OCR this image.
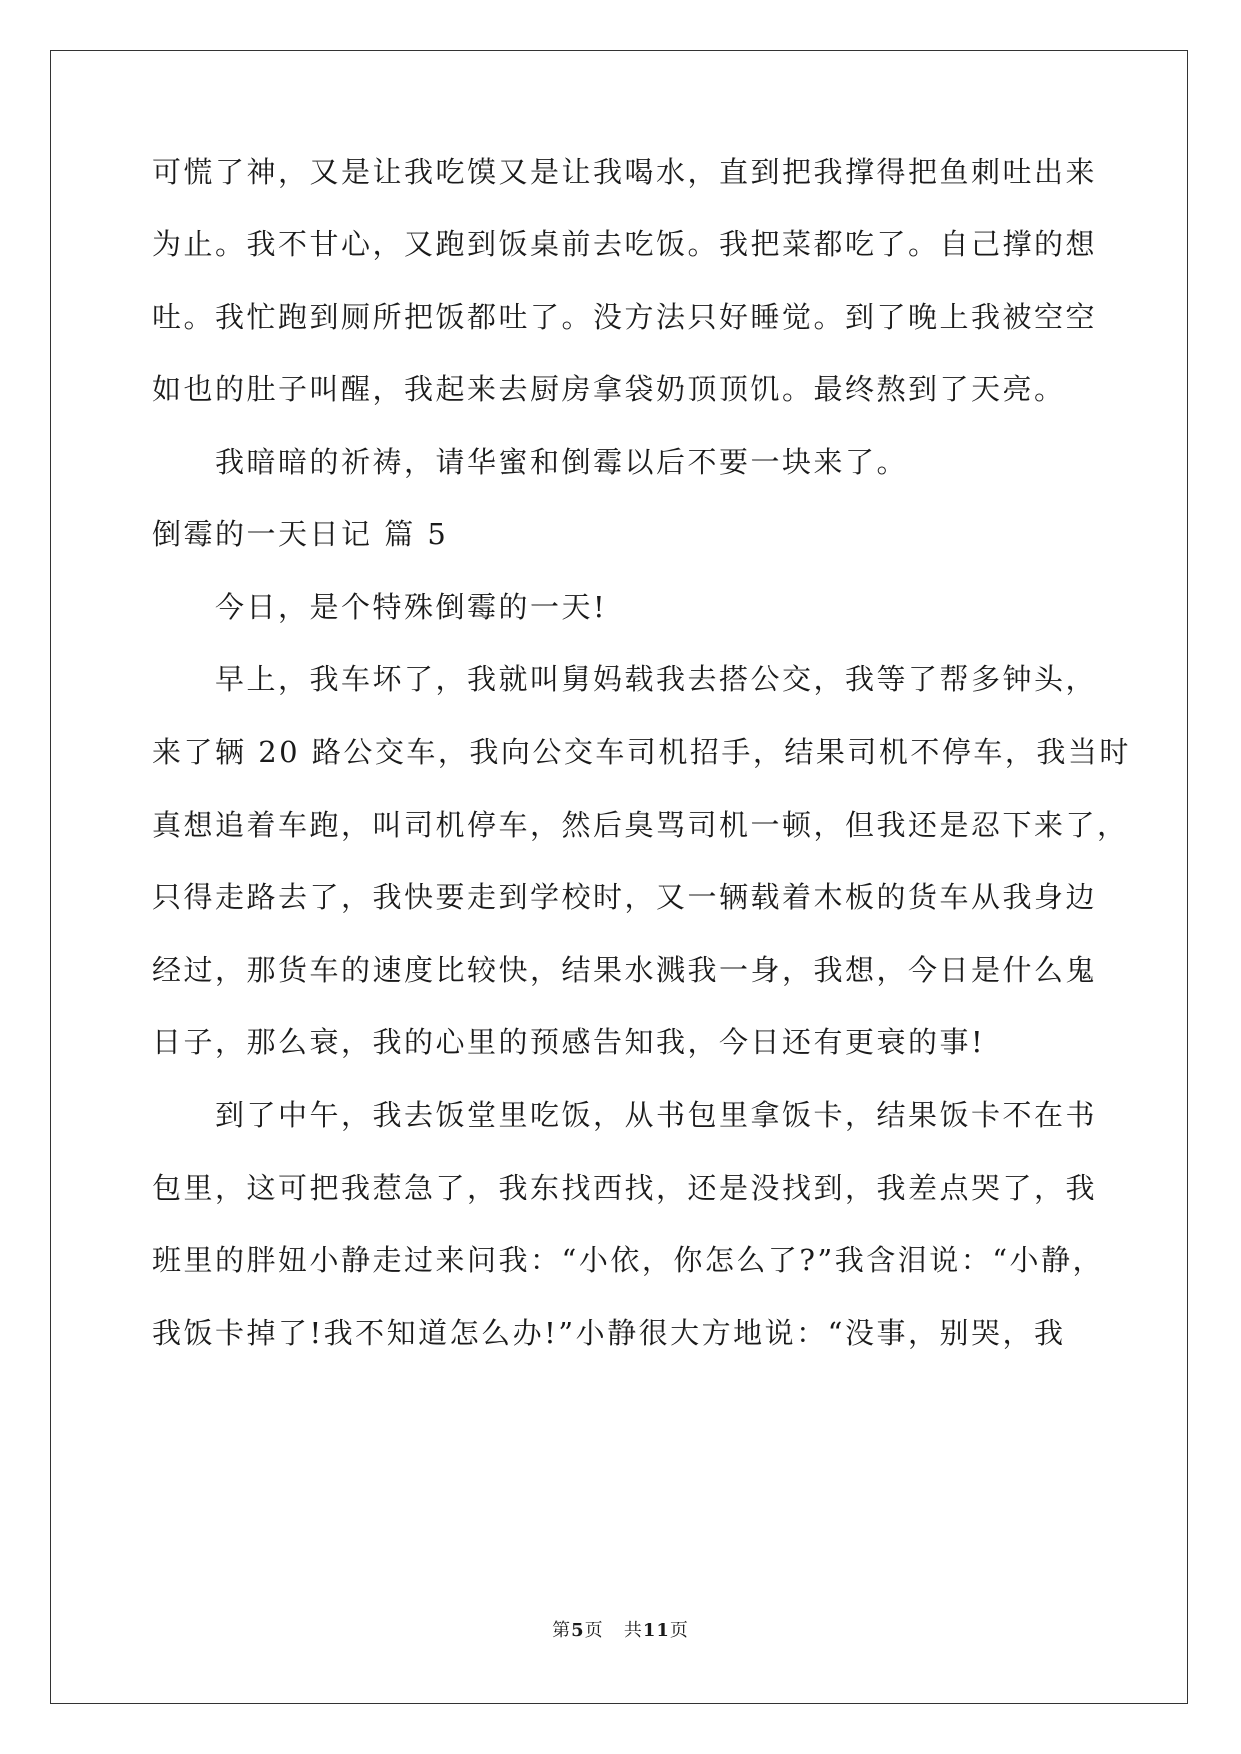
可慌了神，又是让我吃馍又是让我喝水，直到把我撑得把鱼刺吐出来
为止。我不甘心，又跑到饭桌前去吃饭。我把菜都吃了。自己撑的想
吐。我忙跑到厕所把饭都吐了。没方法只好睡觉。到了晚上我被空空
如也的肚子叫醒，我起来去厨房拿袋奶顶顶饥。最终熬到了天亮。
我暗暗的祈祷，请华蜜和倒霉以后不要一块来了。
倒霉的一天日记 篇 5
今日，是个特殊倒霉的一天!
早上，我车坏了，我就叫舅妈载我去搭公交，我等了帮多钟头，
来了辆 20 路公交车，我向公交车司机招手，结果司机不停车，我当时
真想追着车跑，叫司机停车，然后臭骂司机一顿，但我还是忍下来了，
只得走路去了，我快要走到学校时，又一辆载着木板的货车从我身边
经过，那货车的速度比较快，结果水溅我一身，我想，今日是什么鬼
日子，那么衰，我的心里的预感告知我，今日还有更衰的事!
到了中午，我去饭堂里吃饭，从书包里拿饭卡，结果饭卡不在书
包里，这可把我惹急了，我东找西找，还是没找到，我差点哭了，我
班里的胖妞小静走过来问我：“小依，你怎么了?”我含泪说：“小静，
我饭卡掉了!我不知道怎么办!”小静很大方地说：“没事，别哭，我
第5页 共11页
